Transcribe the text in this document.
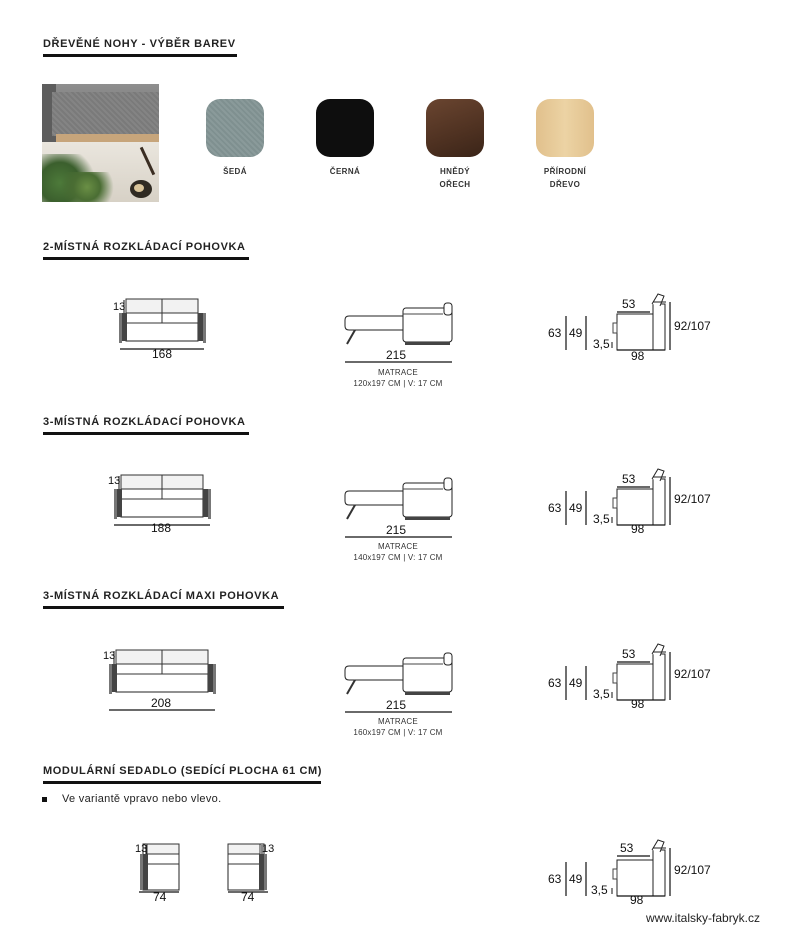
DŘEVĚNÉ NOHY - VÝBĚR BAREV
ŠEDÁ	ČERNÁ	HNĚDÝ
OŘECH
PŘÍRODNÍ
DŘEVO
2-MÍSTNÁ ROZKLÁDACÍ POHOVKA
13
168	215
63 49
3,5
53
92/107
98
MATRACE
120x197 CM | V: 17 CM
3-MÍSTNÁ ROZKLÁDACÍ POHOVKA
13
188	215
63 49
3,5
53
92/107
98
MATRACE
140x197 CM | V: 17 CM
3-MÍSTNÁ ROZKLÁDACÍ MAXI POHOVKA
13
208	215
63 49
3,5
53
92/107
98
MATRACE
160x197 CM | V: 17 CM
MODULÁRNÍ SEDADLO (SEDÍCÍ PLOCHA 61 CM)
Ve variantě vpravo nebo vlevo.
13
74
13
74
63 49
3,5
53
92/107
98
www.italsky-fabryk.cz
